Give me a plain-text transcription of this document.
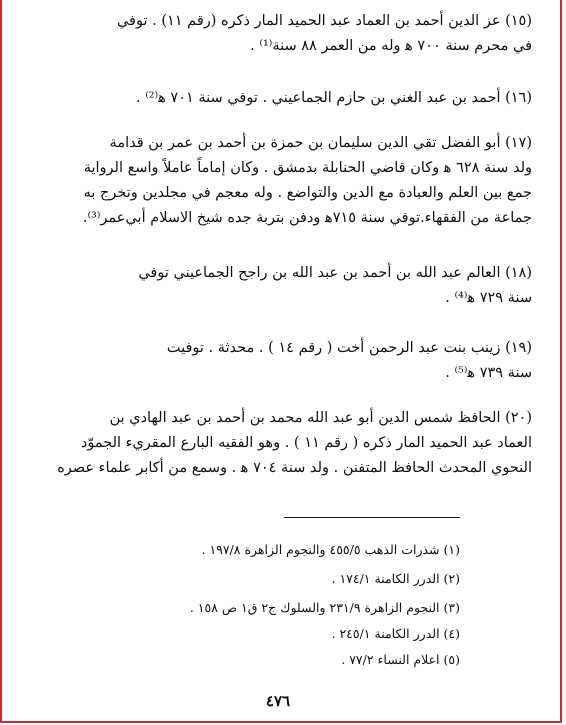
(١٥) عز الدين أحمد بن العماد عبد الحميد المار ذكره (رقم ١١) . توفي

في محرم سنة ٧٠٠ ﻫ وله من العمر ٨٨ سنة⁽¹⁾ .

(١٦) أحمد بن عبد الغني بن حازم الجماعيني . توفي سنة ٧٠١ ﻫ⁽²⁾ .

(١٧) أبو الفضل تقي الدين سليمان بن حمزة بن أحمد بن عمر بن قدامة

ولد سنة ٦٢٨ ﻫ وكان قاضي الحنابلة بدمشق . وكان إماماً عاملاً واسع الرواية

جمع بين العلم والعبادة مع الدين والتواضع . وله معجم في مجلدين وتخرج به

جماعة من الفقهاء.توفي سنة ٧١٥ﻫ ودفن بتربة جده شيخ الاسلام أبي‌عمر⁽³⁾.

(١٨) العالم عبد الله بن أحمد بن عبد الله بن راجح الجماعيني توفي

سنة ٧٢٩ ﻫ⁽⁴⁾ .

(١٩) زينب بنت عبد الرحمن أخت ( رقم ١٤ ) . محدثة . توفيت

سنة ٧٣٩ ﻫ⁽⁵⁾ .

(٢٠) الحافظ شمس الدين أبو عبد الله محمد بن أحمد بن عبد الهادي بن

العماد عبد الحميد المار ذكره ( رقم ١١ ) . وهو الفقيه البارع المقريء الجموّد

النحوي المحدث الحافظ المتفنن . ولد سنة ٧٠٤ ﻫ . وسمع من أكابر علماء عصره

(١) شذرات الذهب ٤٥٥/٥ والنجوم الزاهرة ١٩٧/٨ .
(٢) الدرر الكامنة ١٧٤/١ .
(٣) النجوم الزاهرة ٢٣١/٩ والسلوك ج٢ ق١ ص ١٥٨ .
(٤) الدرر الكامنة ٢٤٥/١ .
(٥) اعلام النساء ٧٧/٢ .
٤٧٦
